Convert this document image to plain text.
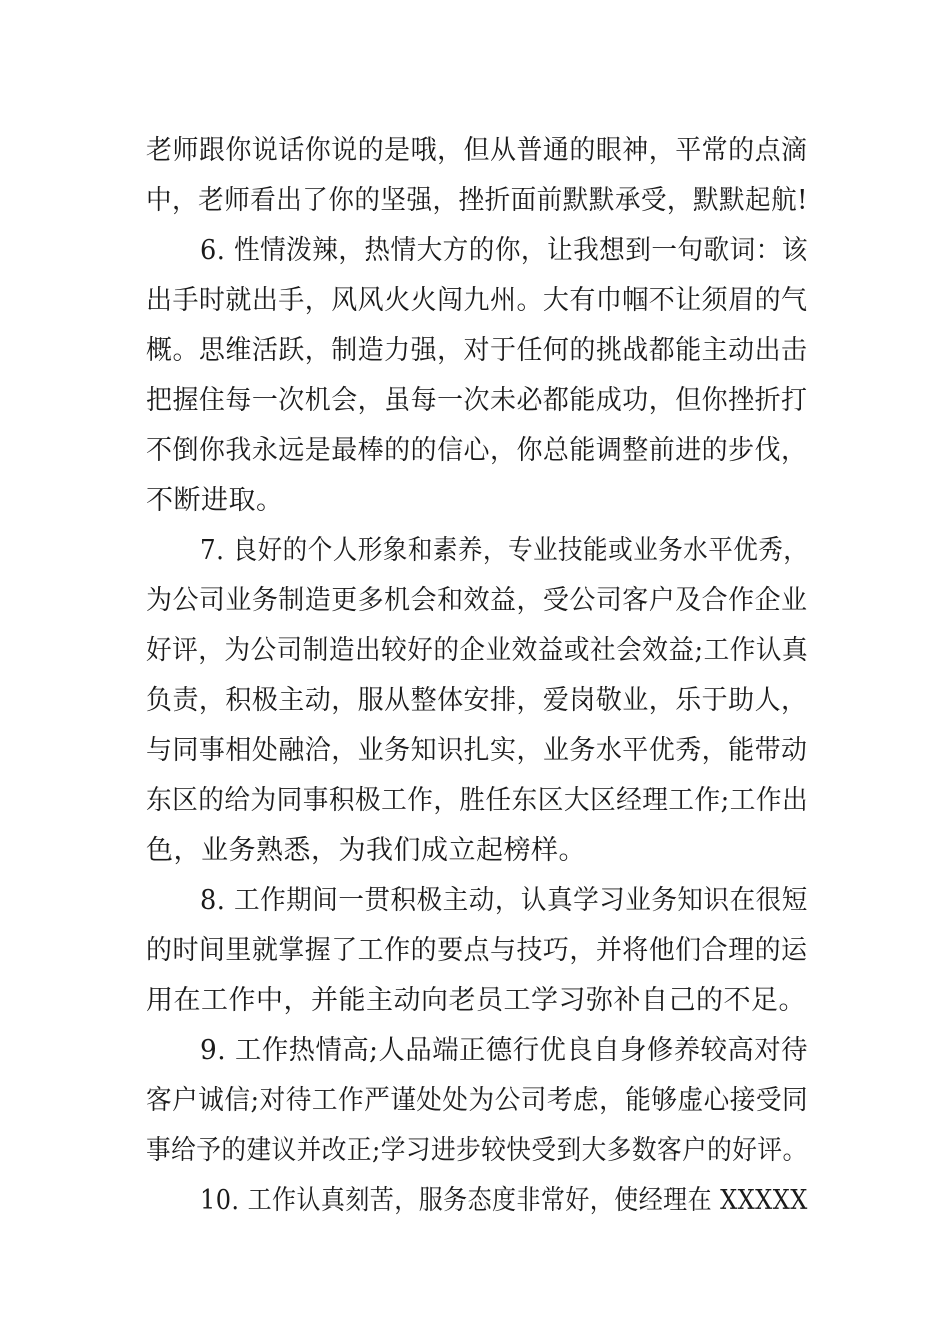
老师跟你说话你说的是哦，但从普通的眼神，平常的点滴
中，老师看出了你的坚强，挫折面前默默承受，默默起航!
6. 性情泼辣，热情大方的你，让我想到一句歌词：该
出手时就出手，风风火火闯九州。大有巾帼不让须眉的气
概。思维活跃，制造力强，对于任何的挑战都能主动出击
把握住每一次机会，虽每一次未必都能成功，但你挫折打
不倒你我永远是最棒的的信心，你总能调整前进的步伐，
不断进取。
7. 良好的个人形象和素养，专业技能或业务水平优秀，
为公司业务制造更多机会和效益，受公司客户及合作企业
好评，为公司制造出较好的企业效益或社会效益;工作认真
负责，积极主动，服从整体安排，爱岗敬业，乐于助人，
与同事相处融洽，业务知识扎实，业务水平优秀，能带动
东区的给为同事积极工作，胜任东区大区经理工作;工作出
色，业务熟悉，为我们成立起榜样。
8. 工作期间一贯积极主动，认真学习业务知识在很短
的时间里就掌握了工作的要点与技巧，并将他们合理的运
用在工作中，并能主动向老员工学习弥补自己的不足。
9. 工作热情高;人品端正德行优良自身修养较高对待
客户诚信;对待工作严谨处处为公司考虑，能够虚心接受同
事给予的建议并改正;学习进步较快受到大多数客户的好评。
10. 工作认真刻苦，服务态度非常好，使经理在 XXXXX
